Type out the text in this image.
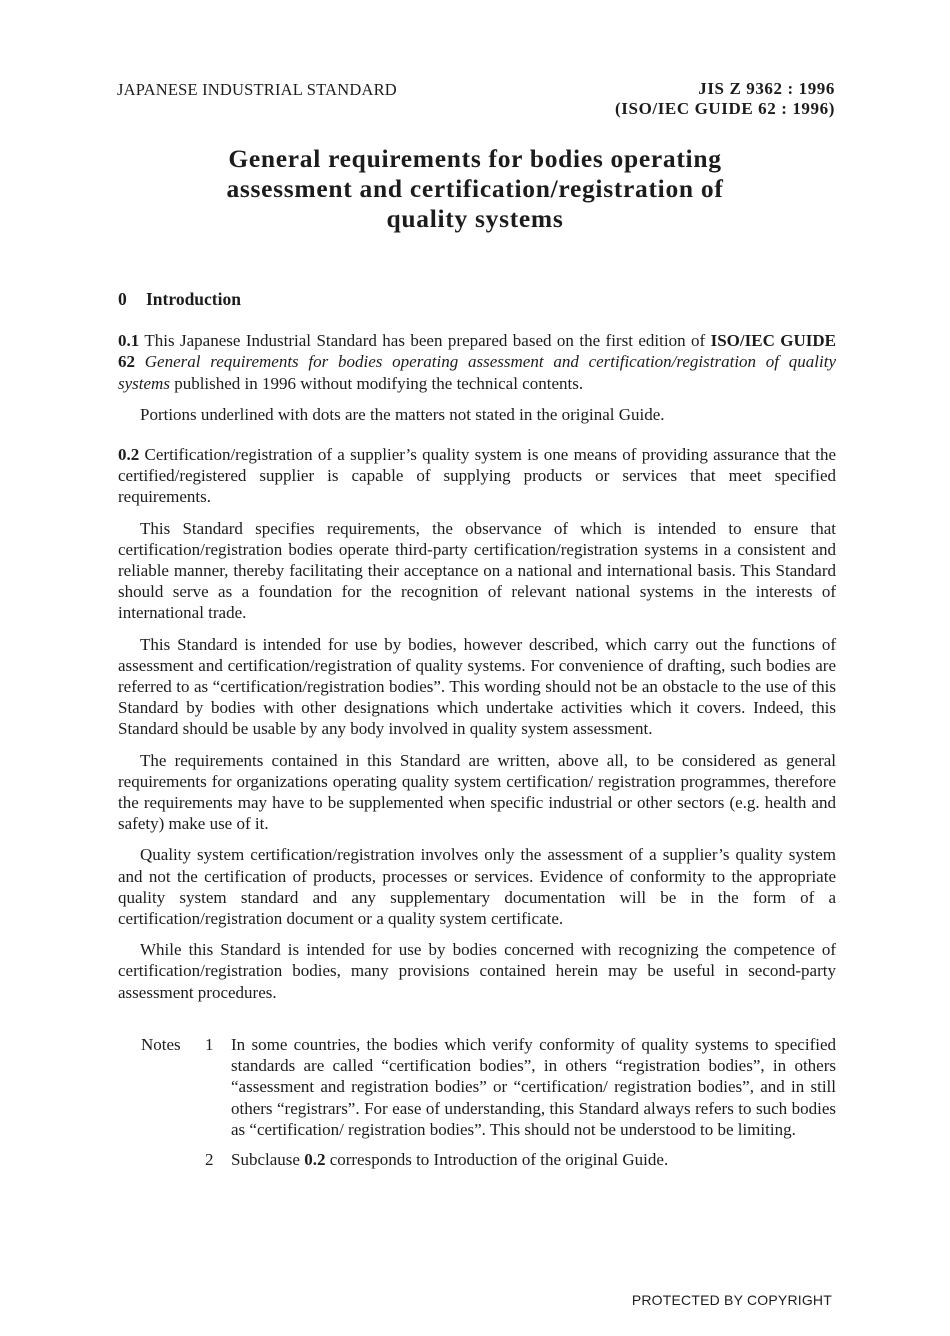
JAPANESE INDUSTRIAL STANDARD	JIS Z 9362 : 1996
(ISO/IEC GUIDE 62 : 1996)
General requirements for bodies operating
assessment and certification/registration of
quality systems
0 Introduction

0.1 This Japanese Industrial Standard has been prepared based on the first edition of ISO/IEC GUIDE 62 General requirements for bodies operating assessment and certification/registration of quality systems published in 1996 without modifying the technical contents.

Portions underlined with dots are the matters not stated in the original Guide.

0.2 Certification/registration of a supplier’s quality system is one means of providing assurance that the certified/registered supplier is capable of supplying products or services that meet specified requirements.

This Standard specifies requirements, the observance of which is intended to ensure that certification/registration bodies operate third-party certification/registration systems in a consistent and reliable manner, thereby facilitating their acceptance on a national and international basis. This Standard should serve as a foundation for the recognition of relevant national systems in the interests of international trade.

This Standard is intended for use by bodies, however described, which carry out the functions of assessment and certification/registration of quality systems. For convenience of drafting, such bodies are referred to as “certification/registration bodies”. This wording should not be an obstacle to the use of this Standard by bodies with other designations which undertake activities which it covers. Indeed, this Standard should be usable by any body involved in quality system assessment.

The requirements contained in this Standard are written, above all, to be considered as general requirements for organizations operating quality system certification/ registration programmes, therefore the requirements may have to be supplemented when specific industrial or other sectors (e.g. health and safety) make use of it.

Quality system certification/registration involves only the assessment of a supplier’s quality system and not the certification of products, processes or services. Evidence of conformity to the appropriate quality system standard and any supplementary documentation will be in the form of a certification/registration document or a quality system certificate.

While this Standard is intended for use by bodies concerned with recognizing the competence of certification/registration bodies, many provisions contained herein may be useful in second-party assessment procedures.

Notes	1	In some countries, the bodies which verify conformity of quality systems to specified standards are called “certification bodies”, in others “registration bodies”, in others “assessment and registration bodies” or “certification/ registration bodies”, and in still others “registrars”. For ease of understanding, this Standard always refers to such bodies as “certification/ registration bodies”. This should not be understood to be limiting.
2	Subclause 0.2 corresponds to Introduction of the original Guide.
PROTECTED BY COPYRIGHT
